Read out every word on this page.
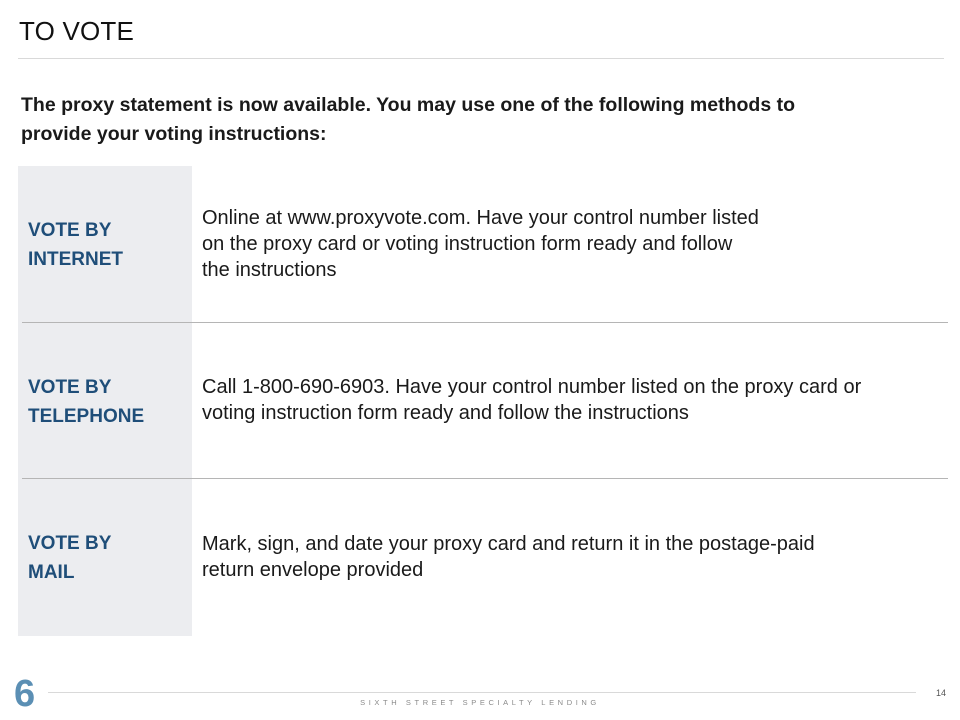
TO VOTE
The proxy statement is now available. You may use one of the following methods to
provide your voting instructions:
VOTE BY
INTERNET
Online at www.proxyvote.com. Have your control number listed
on the proxy card or voting instruction form ready and follow
the instructions
VOTE BY
TELEPHONE
Call 1-800-690-6903. Have your control number listed on the proxy card or
voting instruction form ready and follow the instructions
VOTE BY
MAIL
Mark, sign, and date your proxy card and return it in the postage-paid
return envelope provided
6	SIXTH STREET SPECIALTY LENDING
14
